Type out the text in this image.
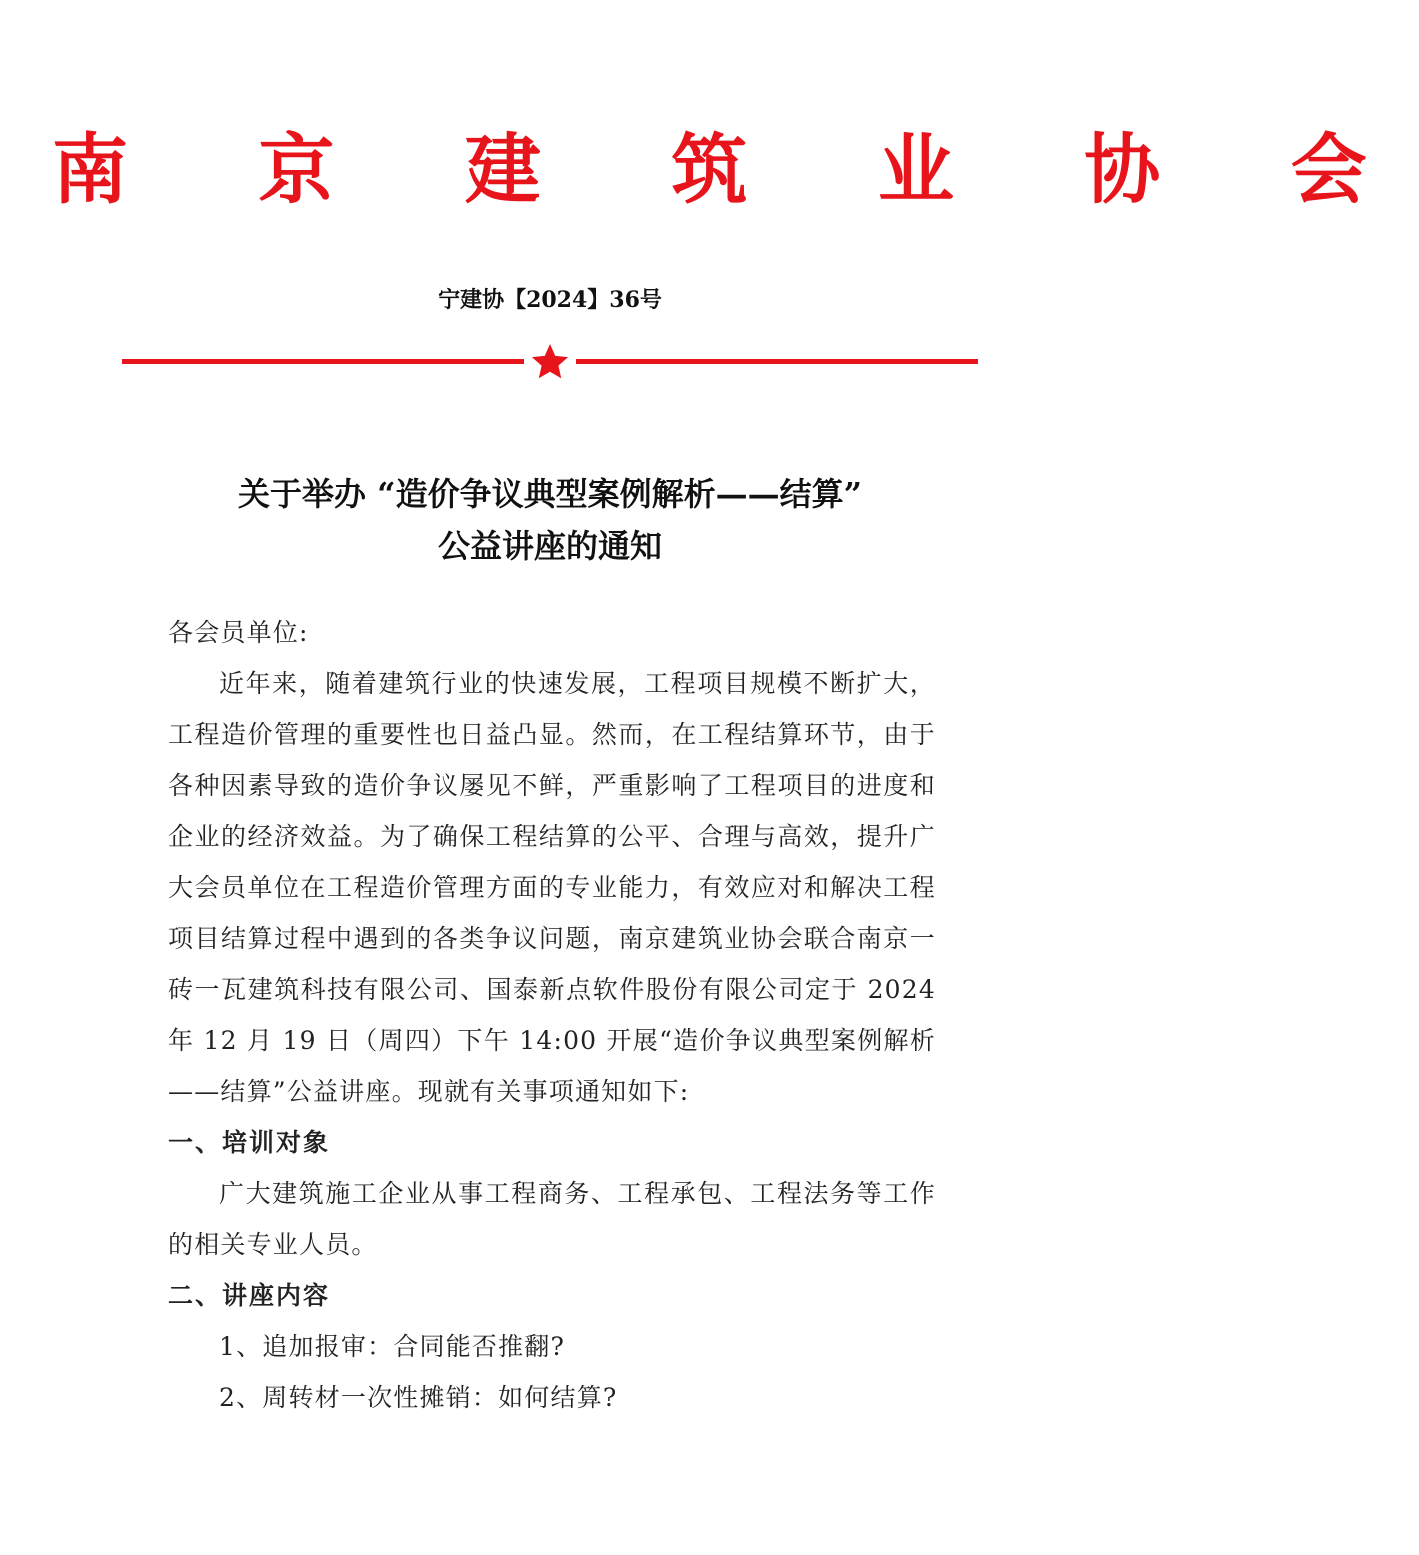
南 京 建 筑 业 协 会
宁建协【2024】36号
关于举办 “造价争议典型案例解析——结算”
公益讲座的通知
各会员单位:
近年来，随着建筑行业的快速发展，工程项目规模不断扩大，工程造价管理的重要性也日益凸显。然而，在工程结算环节，由于各种因素导致的造价争议屡见不鲜，严重影响了工程项目的进度和企业的经济效益。为了确保工程结算的公平、合理与高效，提升广大会员单位在工程造价管理方面的专业能力，有效应对和解决工程项目结算过程中遇到的各类争议问题，南京建筑业协会联合南京一砖一瓦建筑科技有限公司、国泰新点软件股份有限公司定于 2024 年 12 月 19 日（周四）下午 14:00 开展“造价争议典型案例解析——结算”公益讲座。现就有关事项通知如下:
一、培训对象
广大建筑施工企业从事工程商务、工程承包、工程法务等工作的相关专业人员。
二、讲座内容
1、追加报审：合同能否推翻?
2、周转材一次性摊销：如何结算?
